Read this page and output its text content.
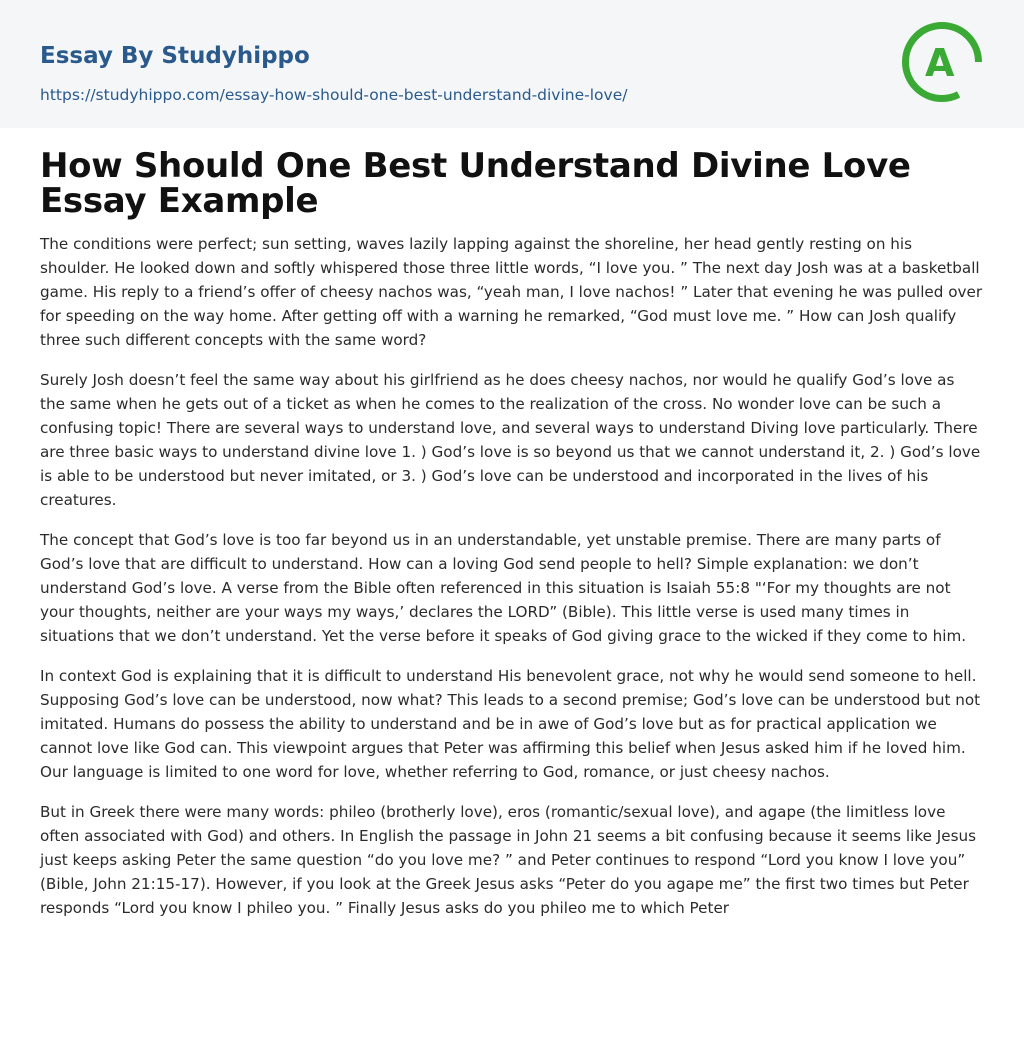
Essay By Studyhippo
https://studyhippo.com/essay-how-should-one-best-understand-divine-love/
A
How Should One Best Understand Divine Love Essay Example

The conditions were perfect; sun setting, waves lazily lapping against the shoreline, her head gently resting on his shoulder. He looked down and softly whispered those three little words, “I love you. ” The next day Josh was at a basketball game. His reply to a friend’s offer of cheesy nachos was, “yeah man, I love nachos! ” Later that evening he was pulled over for speeding on the way home. After getting off with a warning he remarked, “God must love me. ” How can Josh qualify three such different concepts with the same word?

Surely Josh doesn’t feel the same way about his girlfriend as he does cheesy nachos, nor would he qualify God’s love as the same when he gets out of a ticket as when he comes to the realization of the cross. No wonder love can be such a confusing topic! There are several ways to understand love, and several ways to understand Diving love particularly. There are three basic ways to understand divine love 1. ) God’s love is so beyond us that we cannot understand it, 2. ) God’s love is able to be understood but never imitated, or 3. ) God’s love can be understood and incorporated in the lives of his creatures.

The concept that God’s love is too far beyond us in an understandable, yet unstable premise. There are many parts of God’s love that are difficult to understand. How can a loving God send people to hell? Simple explanation: we don’t understand God’s love. A verse from the Bible often referenced in this situation is Isaiah 55:8 "‘For my thoughts are not your thoughts, neither are your ways my ways,’ declares the LORD” (Bible). This little verse is used many times in situations that we don’t understand. Yet the verse before it speaks of God giving grace to the wicked if they come to him.

In context God is explaining that it is difficult to understand His benevolent grace, not why he would send someone to hell. Supposing God’s love can be understood, now what? This leads to a second premise; God’s love can be understood but not imitated. Humans do possess the ability to understand and be in awe of God’s love but as for practical application we cannot love like God can. This viewpoint argues that Peter was affirming this belief when Jesus asked him if he loved him. Our language is limited to one word for love, whether referring to God, romance, or just cheesy nachos.

But in Greek there were many words: phileo (brotherly love), eros (romantic/sexual love), and agape (the limitless love often associated with God) and others. In English the passage in John 21 seems a bit confusing because it seems like Jesus just keeps asking Peter the same question “do you love me? ” and Peter continues to respond “Lord you know I love you” (Bible, John 21:15-17). However, if you look at the Greek Jesus asks “Peter do you agape me” the first two times but Peter responds “Lord you know I phileo you. ” Finally Jesus asks do you phileo me to which Peter
